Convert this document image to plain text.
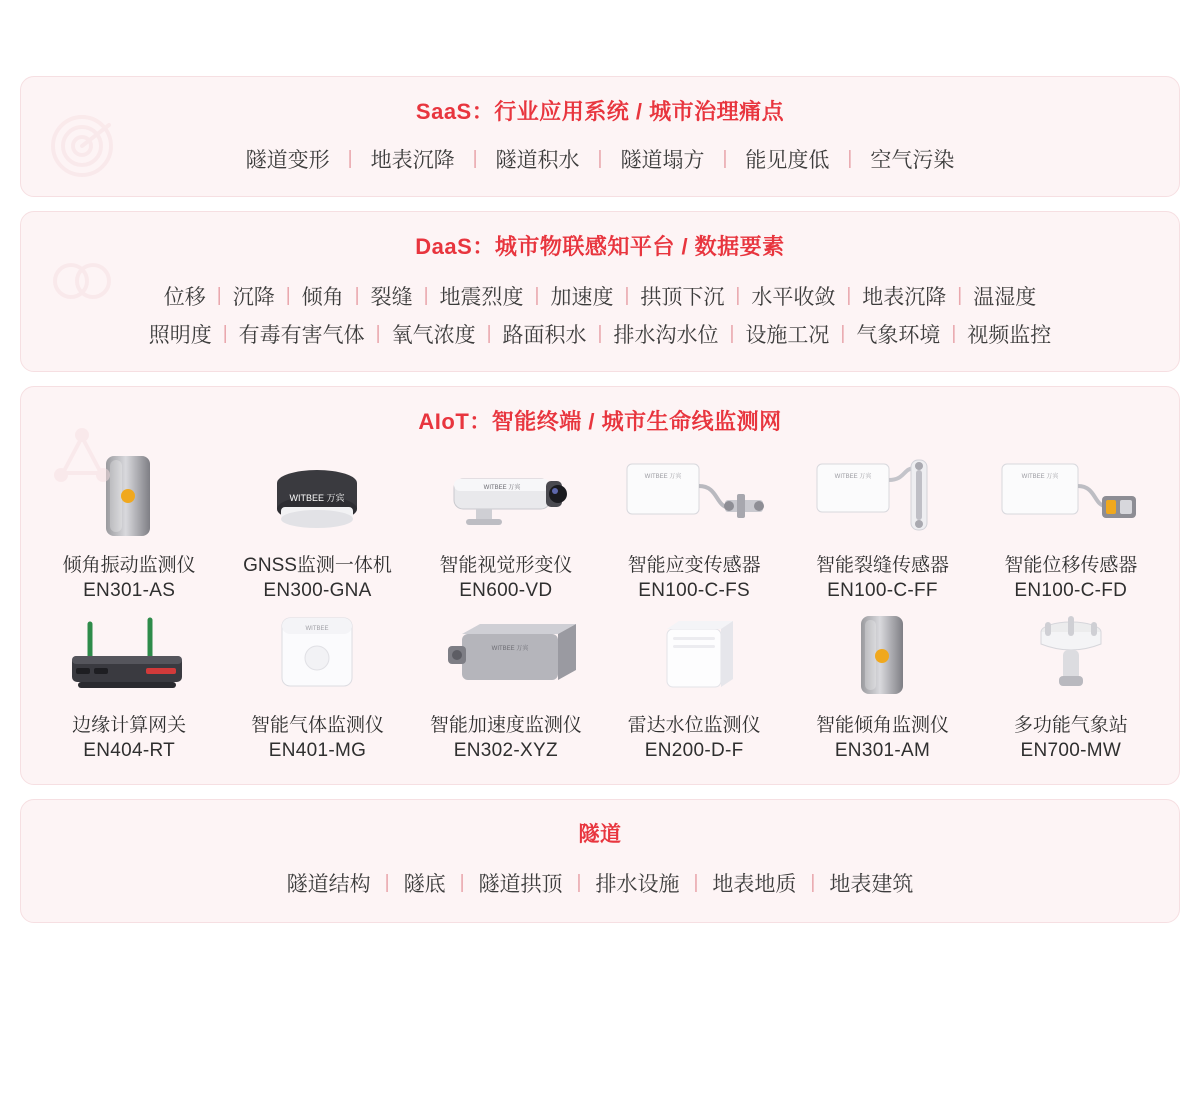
SaaS：行业应用系统 / 城市治理痛点
隧道变形 | 地表沉降 | 隧道积水 | 隧道塌方 | 能见度低 | 空气污染
DaaS：城市物联感知平台 / 数据要素
位移 | 沉降 | 倾角 | 裂缝 | 地震烈度 | 加速度 | 拱顶下沉 | 水平收敛 | 地表沉降 | 温湿度
照明度 | 有毒有害气体 | 氧气浓度 | 路面积水 | 排水沟水位 | 设施工况 | 气象环境 | 视频监控
AIoT：智能终端 / 城市生命线监测网
倾角振动监测仪
EN301-AS
WITBEE 万宾
GNSS监测一体机
EN300-GNA
WITBEE 万宾
智能视觉形变仪
EN600-VD
WITBEE 万宾
智能应变传感器
EN100-C-FS
WITBEE 万宾
智能裂缝传感器
EN100-C-FF
WITBEE 万宾
智能位移传感器
EN100-C-FD
边缘计算网关
EN404-RT
WITBEE
智能气体监测仪
EN401-MG
WITBEE 万宾
智能加速度监测仪
EN302-XYZ
雷达水位监测仪
EN200-D-F
智能倾角监测仪
EN301-AM
多功能气象站
EN700-MW
隧道
隧道结构 | 隧底 | 隧道拱顶 | 排水设施 | 地表地质 | 地表建筑
